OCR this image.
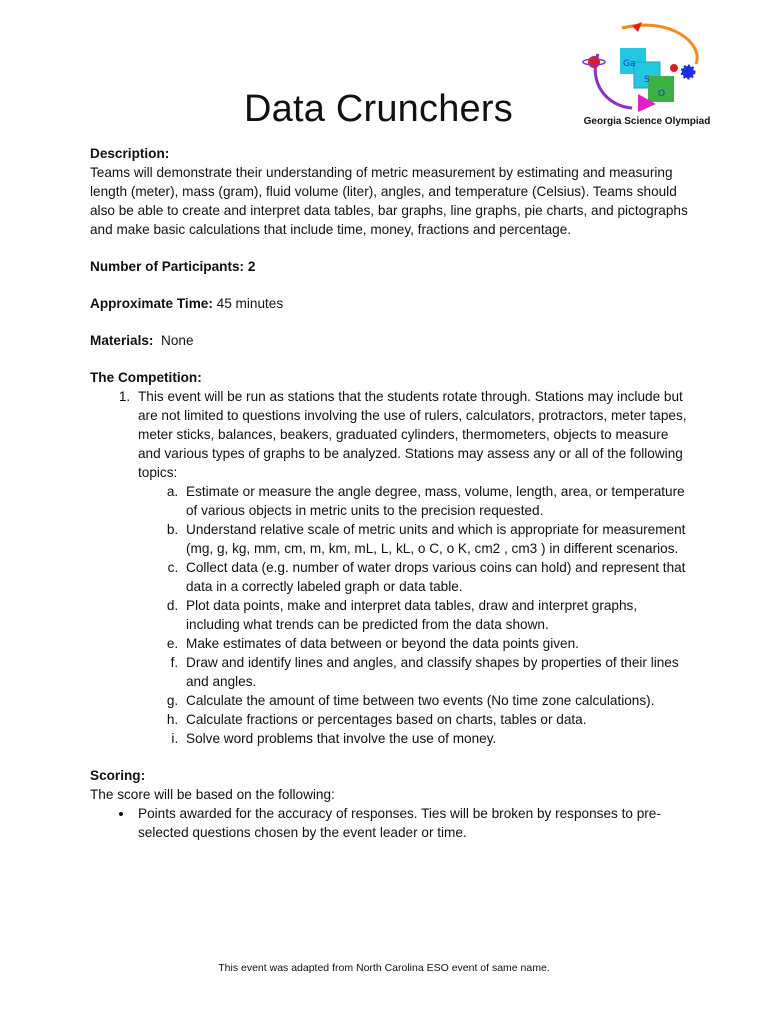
Ga
S
O
Georgia Science Olympiad
Data Crunchers
Description:

Teams will demonstrate their understanding of metric measurement by estimating and measuring length (meter), mass (gram), fluid volume (liter), angles, and temperature (Celsius). Teams should also be able to create and interpret data tables, bar graphs, line graphs, pie charts, and pictographs and make basic calculations that include time, money, fractions and percentage.

Number of Participants: 2

Approximate Time: 45 minutes

Materials: None

The Competition:
1. This event will be run as stations that the students rotate through. Stations may include but are not limited to questions involving the use of rulers, calculators, protractors, meter tapes, meter sticks, balances, beakers, graduated cylinders, thermometers, objects to measure and various types of graphs to be analyzed. Stations may assess any or all of the following topics:
a. Estimate or measure the angle degree, mass, volume, length, area, or temperature of various objects in metric units to the precision requested.
b. Understand relative scale of metric units and which is appropriate for measurement (mg, g, kg, mm, cm, m, km, mL, L, kL, o C, o K, cm2 , cm3 ) in different scenarios.
c. Collect data (e.g. number of water drops various coins can hold) and represent that data in a correctly labeled graph or data table.
d. Plot data points, make and interpret data tables, draw and interpret graphs, including what trends can be predicted from the data shown.
e. Make estimates of data between or beyond the data points given.
f. Draw and identify lines and angles, and classify shapes by properties of their lines and angles.
g. Calculate the amount of time between two events (No time zone calculations).
h. Calculate fractions or percentages based on charts, tables or data.
i. Solve word problems that involve the use of money.
Scoring:

The score will be based on the following:

• Points awarded for the accuracy of responses. Ties will be broken by responses to pre-selected questions chosen by the event leader or time.
This event was adapted from North Carolina ESO event of same name.
